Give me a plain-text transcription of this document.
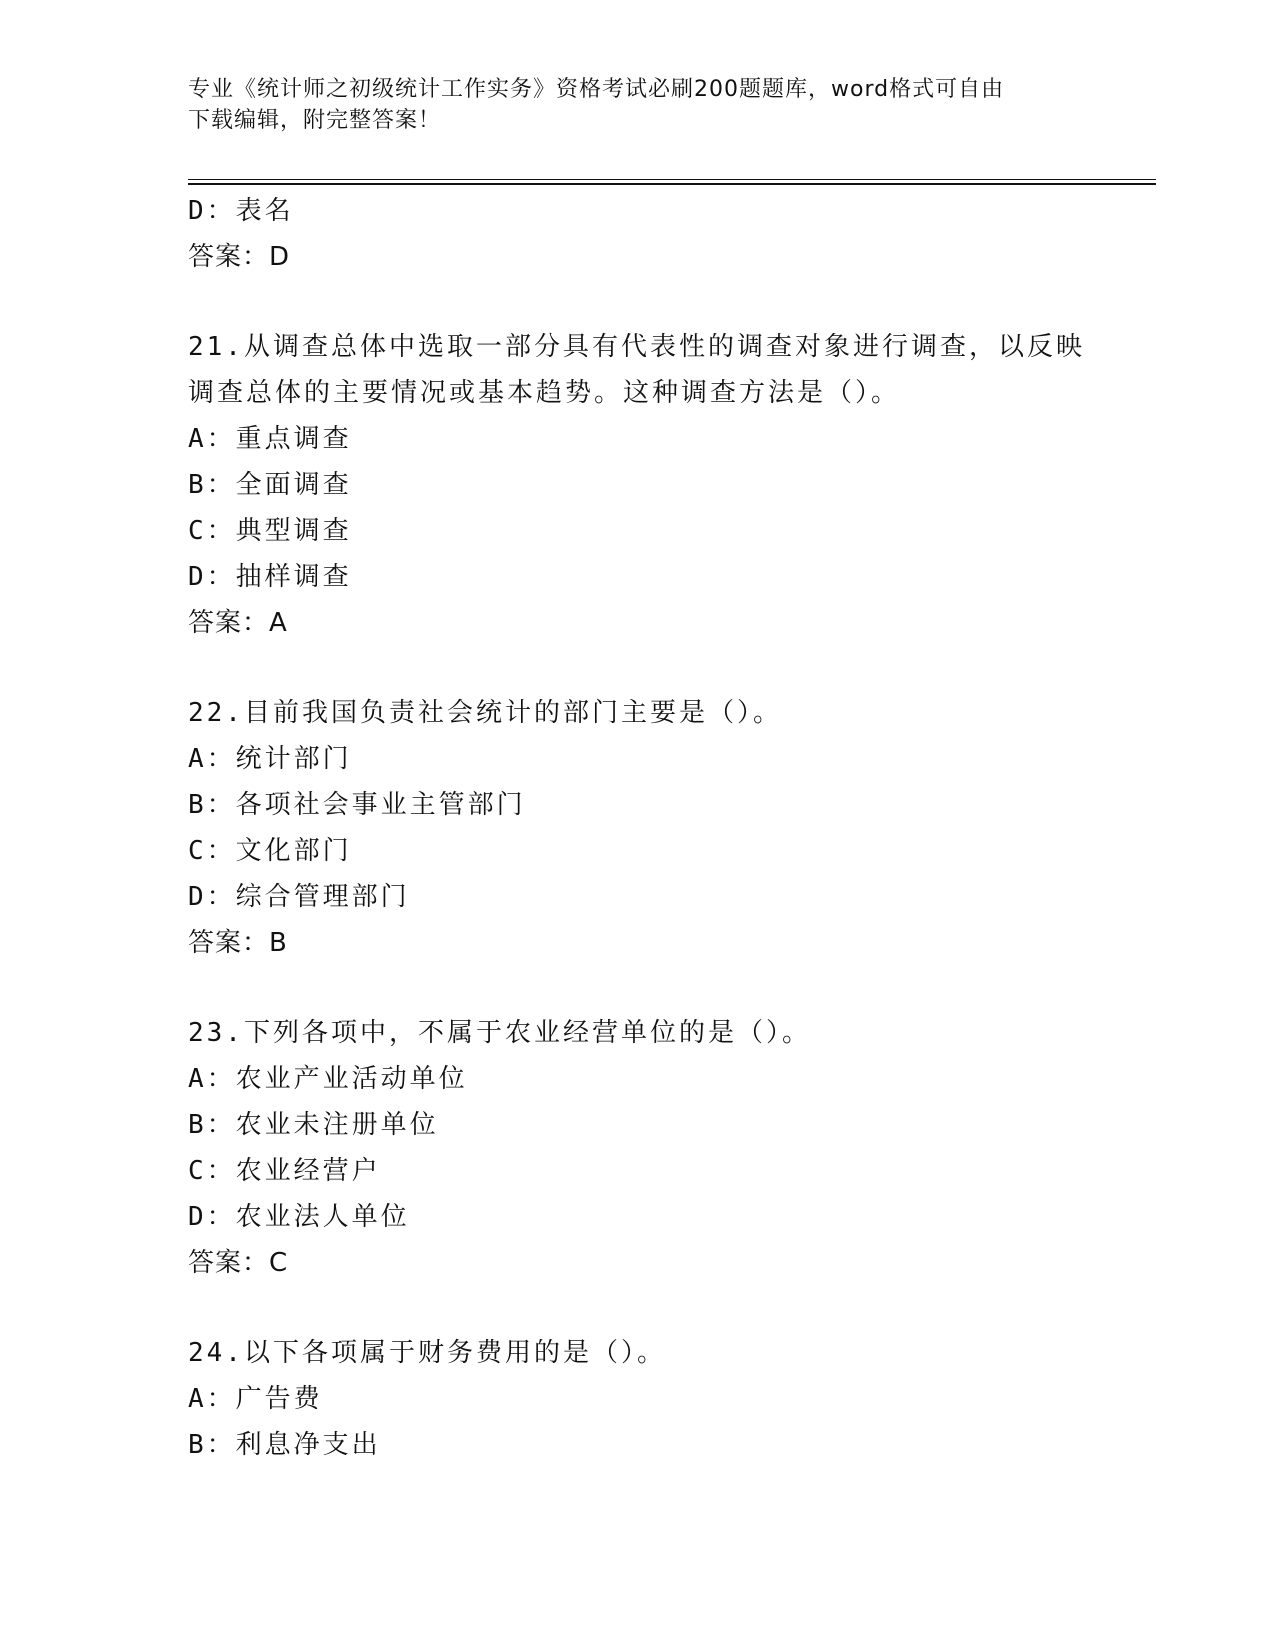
专业《统计师之初级统计工作实务》资格考试必刷200题题库，word格式可自由
下载编辑，附完整答案！
D：表名
答案：D
21.从调查总体中选取一部分具有代表性的调查对象进行调查，以反映
调查总体的主要情况或基本趋势。这种调查方法是（）。
A：重点调查
B：全面调查
C：典型调查
D：抽样调查
答案：A
22.目前我国负责社会统计的部门主要是（）。
A：统计部门
B：各项社会事业主管部门
C：文化部门
D：综合管理部门
答案：B
23.下列各项中，不属于农业经营单位的是（）。
A：农业产业活动单位
B：农业未注册单位
C：农业经营户
D：农业法人单位
答案：C
24.以下各项属于财务费用的是（）。
A：广告费
B：利息净支出
